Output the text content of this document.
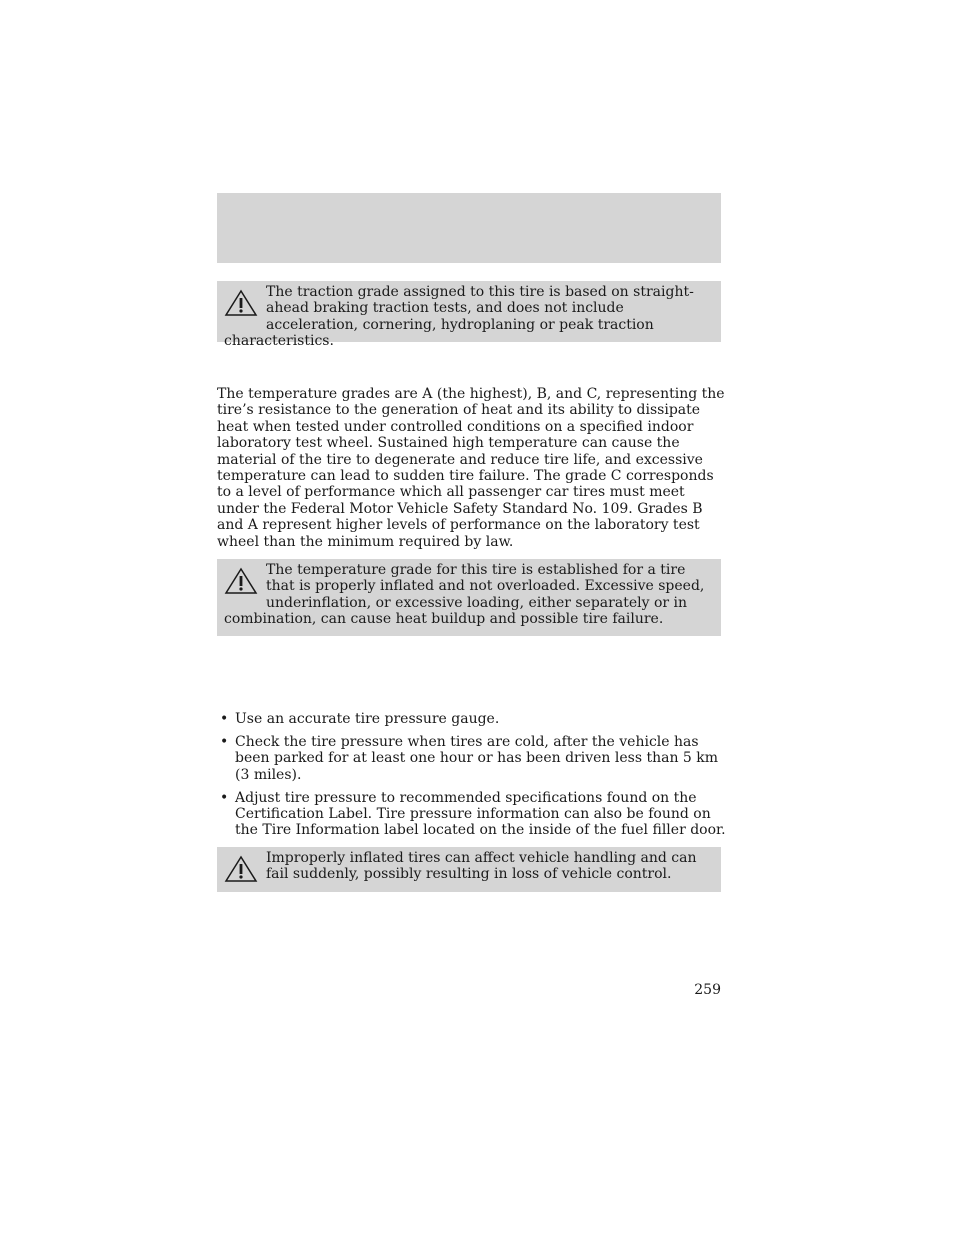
The traction grade assigned to this tire is based on straight-ahead braking traction tests, and does not include acceleration, cornering, hydroplaning or peak traction characteristics.

The temperature grades are A (the highest), B, and C, representing the tire’s resistance to the generation of heat and its ability to dissipate heat when tested under controlled conditions on a specified indoor laboratory test wheel. Sustained high temperature can cause the material of the tire to degenerate and reduce tire life, and excessive temperature can lead to sudden tire failure. The grade C corresponds to a level of performance which all passenger car tires must meet under the Federal Motor Vehicle Safety Standard No. 109. Grades B and A represent higher levels of performance on the laboratory test wheel than the minimum required by law.

The temperature grade for this tire is established for a tire that is properly inflated and not overloaded. Excessive speed, underinflation, or excessive loading, either separately or in combination, can cause heat buildup and possible tire failure.

• Use an accurate tire pressure gauge.
• Check the tire pressure when tires are cold, after the vehicle has been parked for at least one hour or has been driven less than 5 km (3 miles).
• Adjust tire pressure to recommended specifications found on the Certification Label. Tire pressure information can also be found on the Tire Information label located on the inside of the fuel filler door.

Improperly inflated tires can affect vehicle handling and can fail suddenly, possibly resulting in loss of vehicle control.

259
